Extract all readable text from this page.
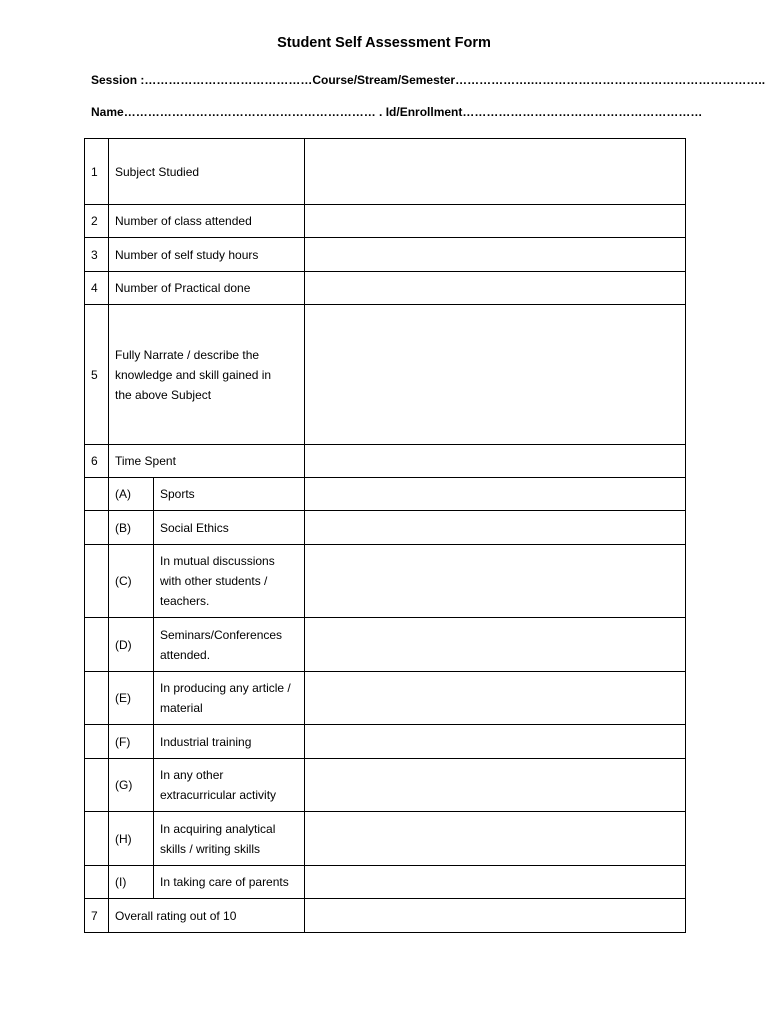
Student Self Assessment Form
Session :……………………………………Course/Stream/Semester……………….…………………………………………………..
Name……………………………………………………… . Id/Enrollment……………………………………………………
1	Subject Studied		
2	Number of class attended		
3	Number of self study hours		
4	Number of Practical done		
5	Fully Narrate / describe the knowledge and skill gained in the above Subject		
6	Time Spent		
	(A)	Sports	
	(B)	Social Ethics	
	(C)	In mutual discussions with other students / teachers.	
	(D)	Seminars/Conferences attended.	
	(E)	In producing any article / material	
	(F)	Industrial training	
	(G)	In any other extracurricular activity	
	(H)	In acquiring analytical skills / writing skills	
	(I)	In taking care of parents	
7	Overall rating out of 10		
